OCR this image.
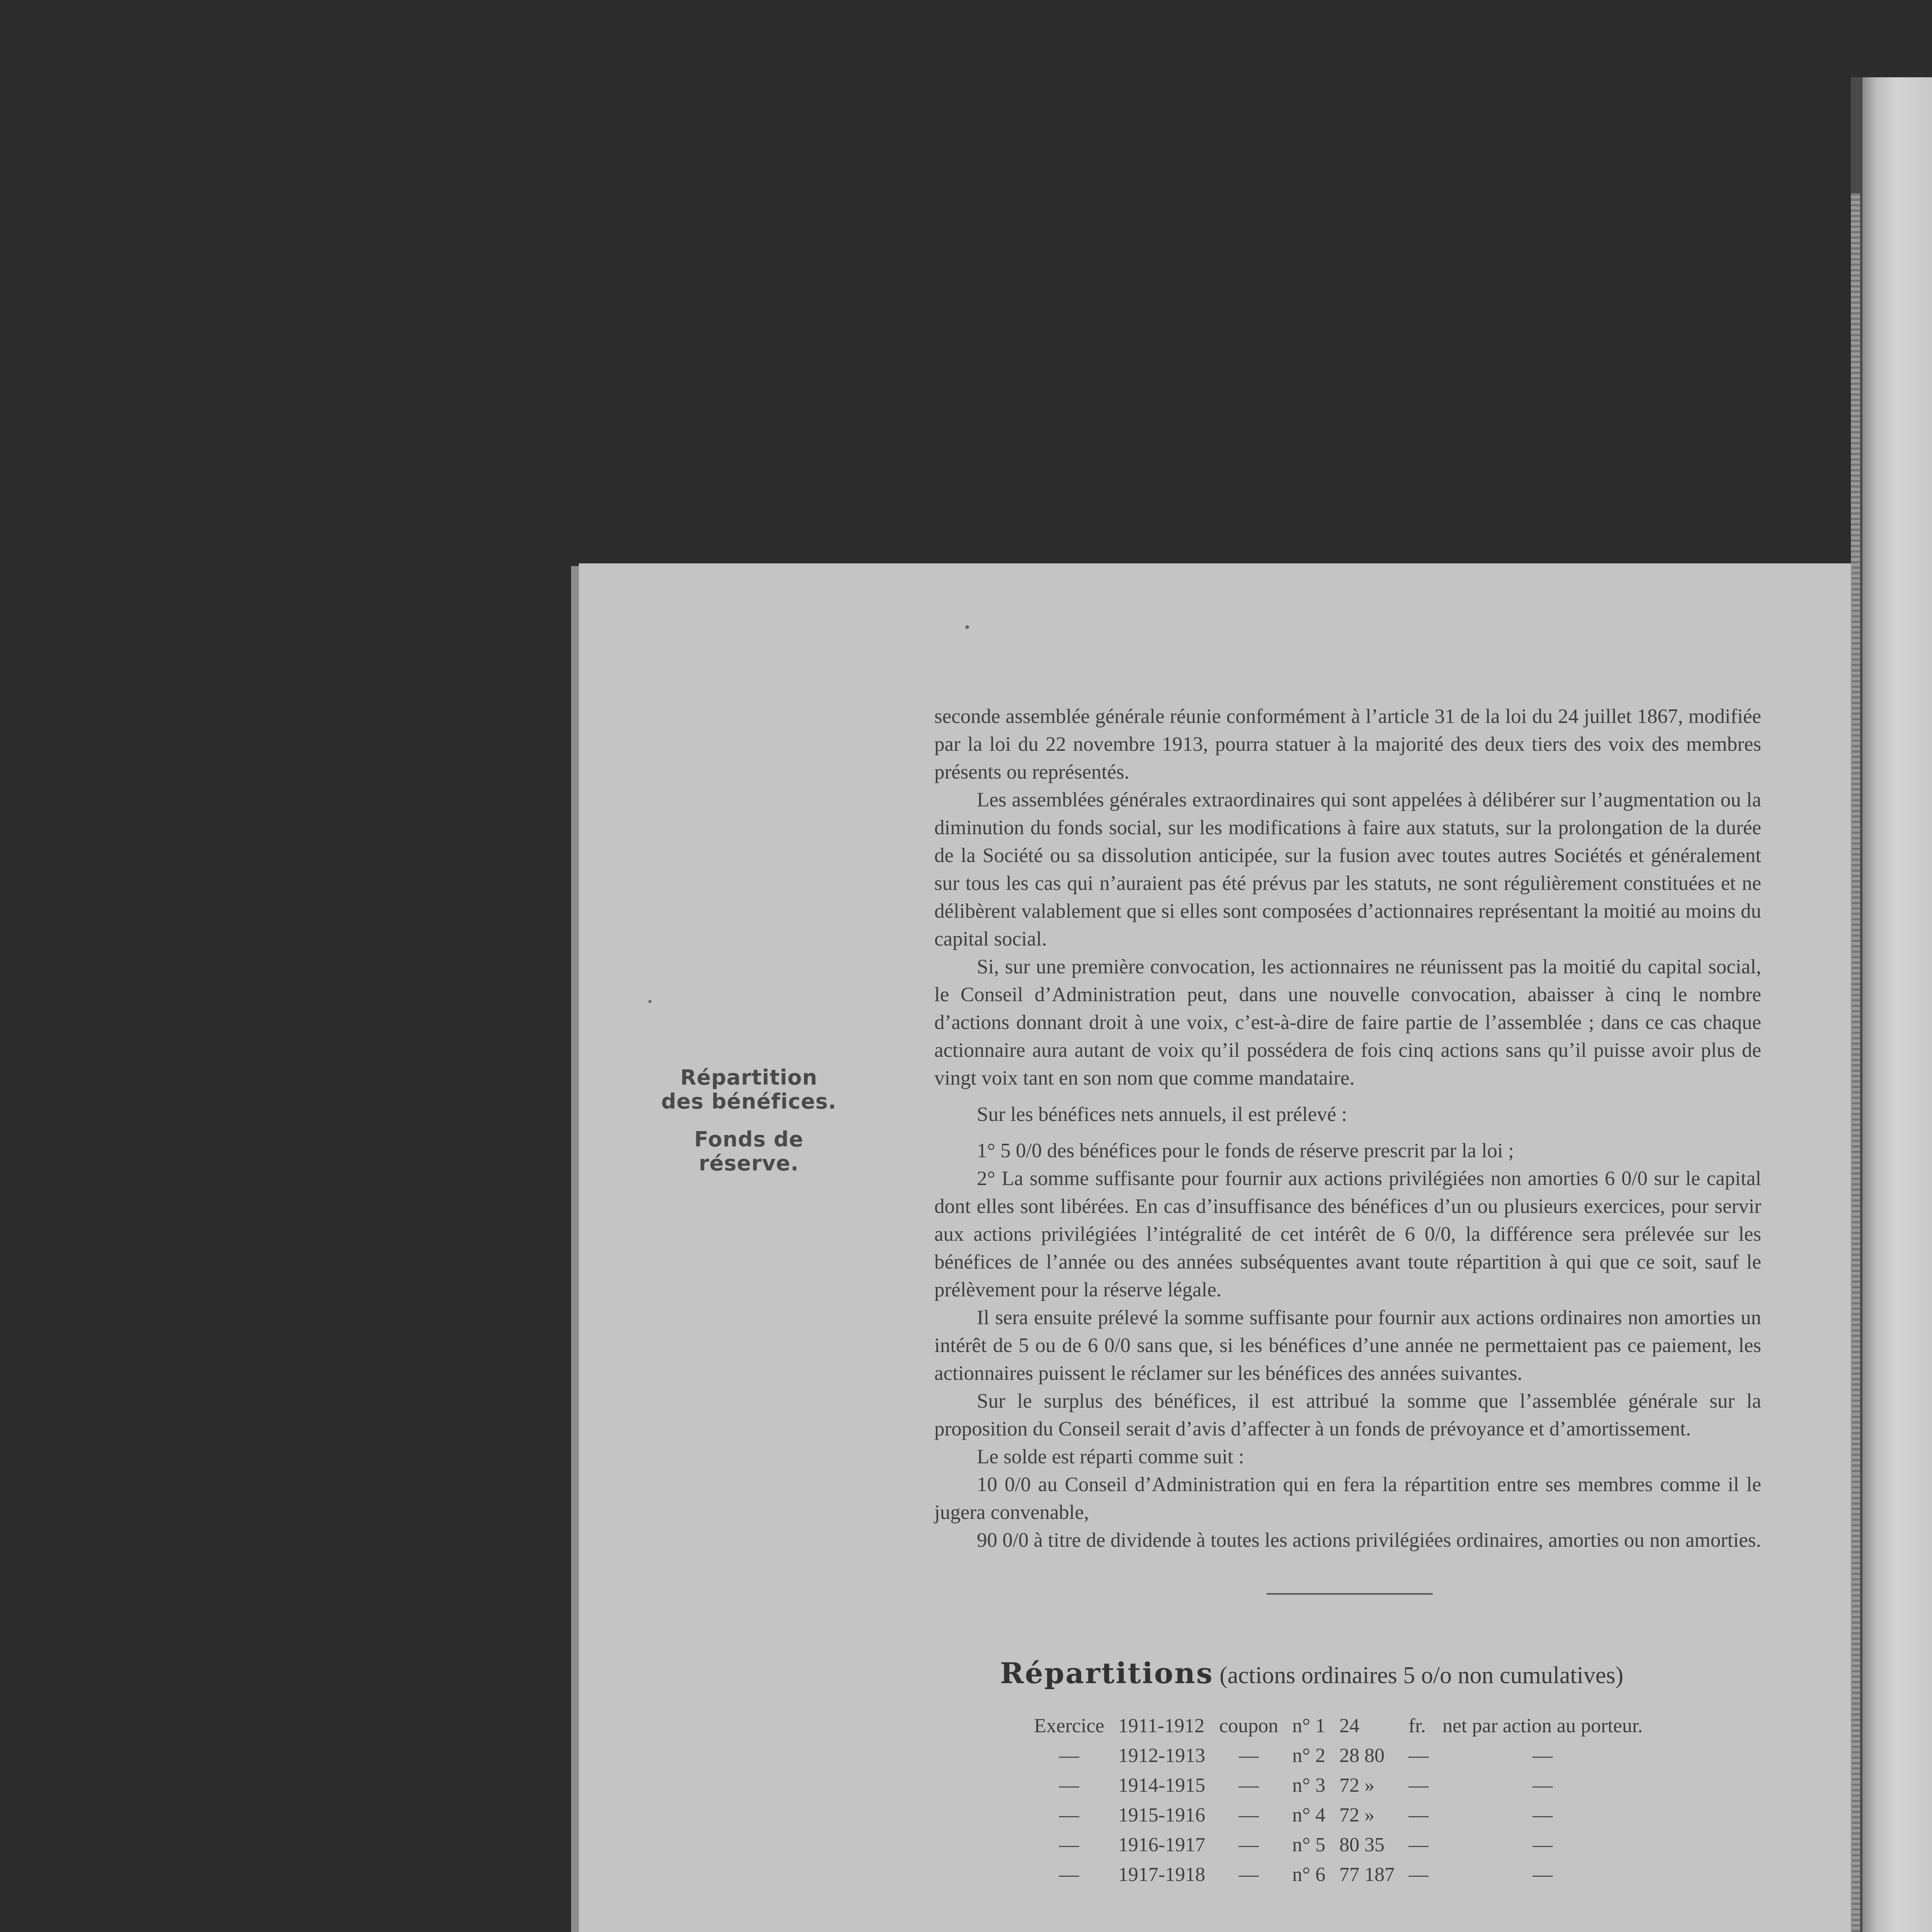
Répartition
des bénéfices.
Fonds de réserve.

seconde assemblée générale réunie conformément à l’article 31 de la loi du 24 juillet 1867, modifiée par la loi du 22 novembre 1913, pourra statuer à la majorité des deux tiers des voix des membres présents ou représentés.

Les assemblées générales extraordinaires qui sont appelées à délibérer sur l’augmentation ou la diminution du fonds social, sur les modifications à faire aux statuts, sur la prolongation de la durée de la Société ou sa dissolution anticipée, sur la fusion avec toutes autres Sociétés et généralement sur tous les cas qui n’auraient pas été prévus par les statuts, ne sont régulièrement constituées et ne délibèrent valablement que si elles sont composées d’actionnaires représentant la moitié au moins du capital social.

Si, sur une première convocation, les actionnaires ne réunissent pas la moitié du capital social, le Conseil d’Administration peut, dans une nouvelle convocation, abaisser à cinq le nombre d’actions donnant droit à une voix, c’est-à-dire de faire partie de l’assemblée ; dans ce cas chaque actionnaire aura autant de voix qu’il possédera de fois cinq actions sans qu’il puisse avoir plus de vingt voix tant en son nom que comme mandataire.

Sur les bénéfices nets annuels, il est prélevé :

1° 5 0/0 des bénéfices pour le fonds de réserve prescrit par la loi ;

2° La somme suffisante pour fournir aux actions privilégiées non amorties 6 0/0 sur le capital dont elles sont libérées. En cas d’insuffisance des bénéfices d’un ou plusieurs exercices, pour servir aux actions privilégiées l’intégralité de cet intérêt de 6 0/0, la différence sera prélevée sur les bénéfices de l’année ou des années subséquentes avant toute répartition à qui que ce soit, sauf le prélèvement pour la réserve légale.

Il sera ensuite prélevé la somme suffisante pour fournir aux actions ordinaires non amorties un intérêt de 5 ou de 6 0/0 sans que, si les bénéfices d’une année ne permettaient pas ce paiement, les actionnaires puissent le réclamer sur les bénéfices des années suivantes.

Sur le surplus des bénéfices, il est attribué la somme que l’assemblée générale sur la proposition du Conseil serait d’avis d’affecter à un fonds de prévoyance et d’amortissement.

Le solde est réparti comme suit :

10 0/0 au Conseil d’Administration qui en fera la répartition entre ses membres comme il le jugera convenable,

90 0/0 à titre de dividende à toutes les actions privilégiées ordinaires, amorties ou non amorties.

Répartitions (actions ordinaires 5 o/o non cumulatives)
Exercice	1911-1912	coupon	n° 1	24	fr.	net par action au porteur.
—	1912-1913	—	n° 2	28 80	—	—
—	1914-1915	—	n° 3	72 »	—	—
—	1915-1916	—	n° 4	72 »	—	—
—	1916-1917	—	n° 5	80 35	—	—
—	1917-1918	—	n° 6	77 187	—	—
